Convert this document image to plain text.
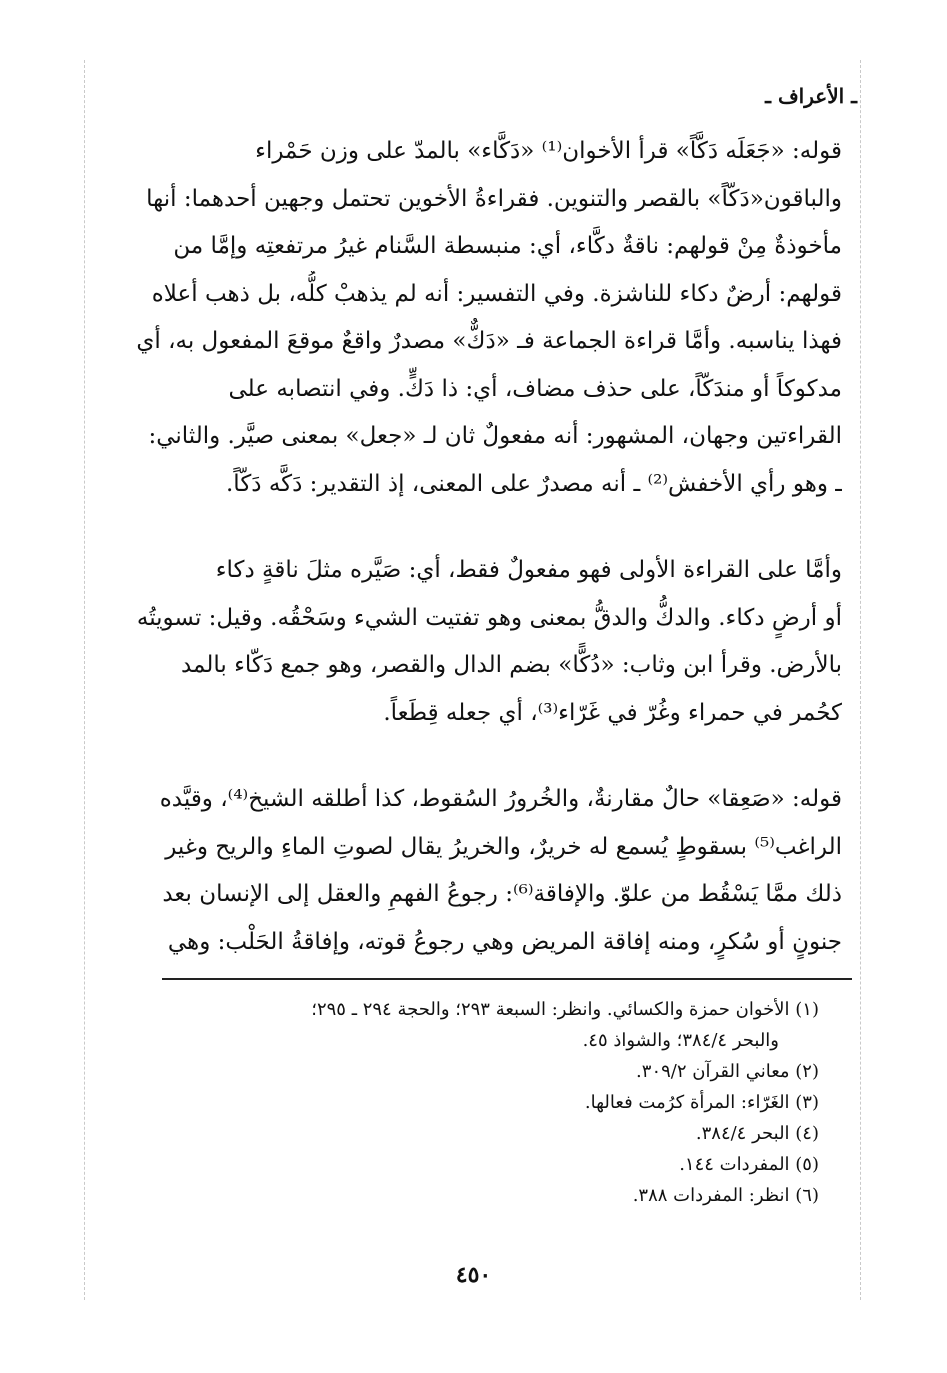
ـ الأعراف ـ
قوله: «جَعَلَه دَكَّاً» قرأ الأخوان⁽¹⁾ «دَكَّاء» بالمدّ على وزن حَمْراء
والباقون«دَكّاً» بالقصر والتنوين. فقراءةُ الأخوين تحتمل وجهين أحدهما: أنها
مأخوذةٌ مِنْ قولهم: ناقةٌ دكَّاء، أي: منبسطة السَّنام غيرُ مرتفعتِه وإمَّا من
قولهم: أرضٌ دكاء للناشزة. وفي التفسير: أنه لم يذهبْ كلُّه، بل ذهب أعلاه
فهذا يناسبه. وأمَّا قراءة الجماعة فـ «دَكٌّ» مصدرٌ واقعٌ موقعَ المفعول به، أي
مدكوكاً أو مندَكّاً، على حذف مضاف، أي: ذا دَكٍّ. وفي انتصابه على
القراءتين وجهان، المشهور: أنه مفعولٌ ثان لـ «جعل» بمعنى صيَّر. والثاني:
ـ وهو رأي الأخفش⁽²⁾ ـ أنه مصدرٌ على المعنى، إذ التقدير: دَكَّه دَكّاً.
وأمَّا على القراءة الأولى فهو مفعولٌ فقط، أي: صَيَّره مثلَ ناقةٍ دكاء
أو أرضٍ دكاء. والدكُّ والدقُّ بمعنى وهو تفتيت الشيء وسَحْقُه. وقيل: تسويتُه
بالأرض. وقرأ ابن وثاب: «دُكًّا» بضم الدال والقصر، وهو جمع دَكّاء بالمد
كحُمر في حمراء وغُرّ في غَرّاء⁽³⁾، أي جعله قِطَعاً.
قوله: «صَعِقا» حالٌ مقارنةٌ، والخُرورُ السُقوط، كذا أطلقه الشيخ⁽⁴⁾، وقيَّده
الراغب⁽⁵⁾ بسقوطٍ يُسمع له خريرٌ، والخريرُ يقال لصوتِ الماءِ والريح وغير
ذلك ممَّا يَسْقُط من علوّ. والإفاقة⁽⁶⁾: رجوعُ الفهمِ والعقل إلى الإنسان بعد
جنونٍ أو سُكرٍ، ومنه إفاقة المريض وهي رجوعُ قوته، وإفاقةُ الحَلْب: وهي
(١) الأخوان حمزة والكسائي. وانظر: السبعة ٢٩٣؛ والحجة ٢٩٤ ـ ٢٩٥؛
والبحر ٣٨٤/٤؛ والشواذ ٤٥.
(٢) معاني القرآن ٣٠٩/٢.
(٣) الغَرّاء: المرأة كرُمت فعالها.
(٤) البحر ٣٨٤/٤.
(٥) المفردات ١٤٤.
(٦) انظر: المفردات ٣٨٨.
٤٥٠
